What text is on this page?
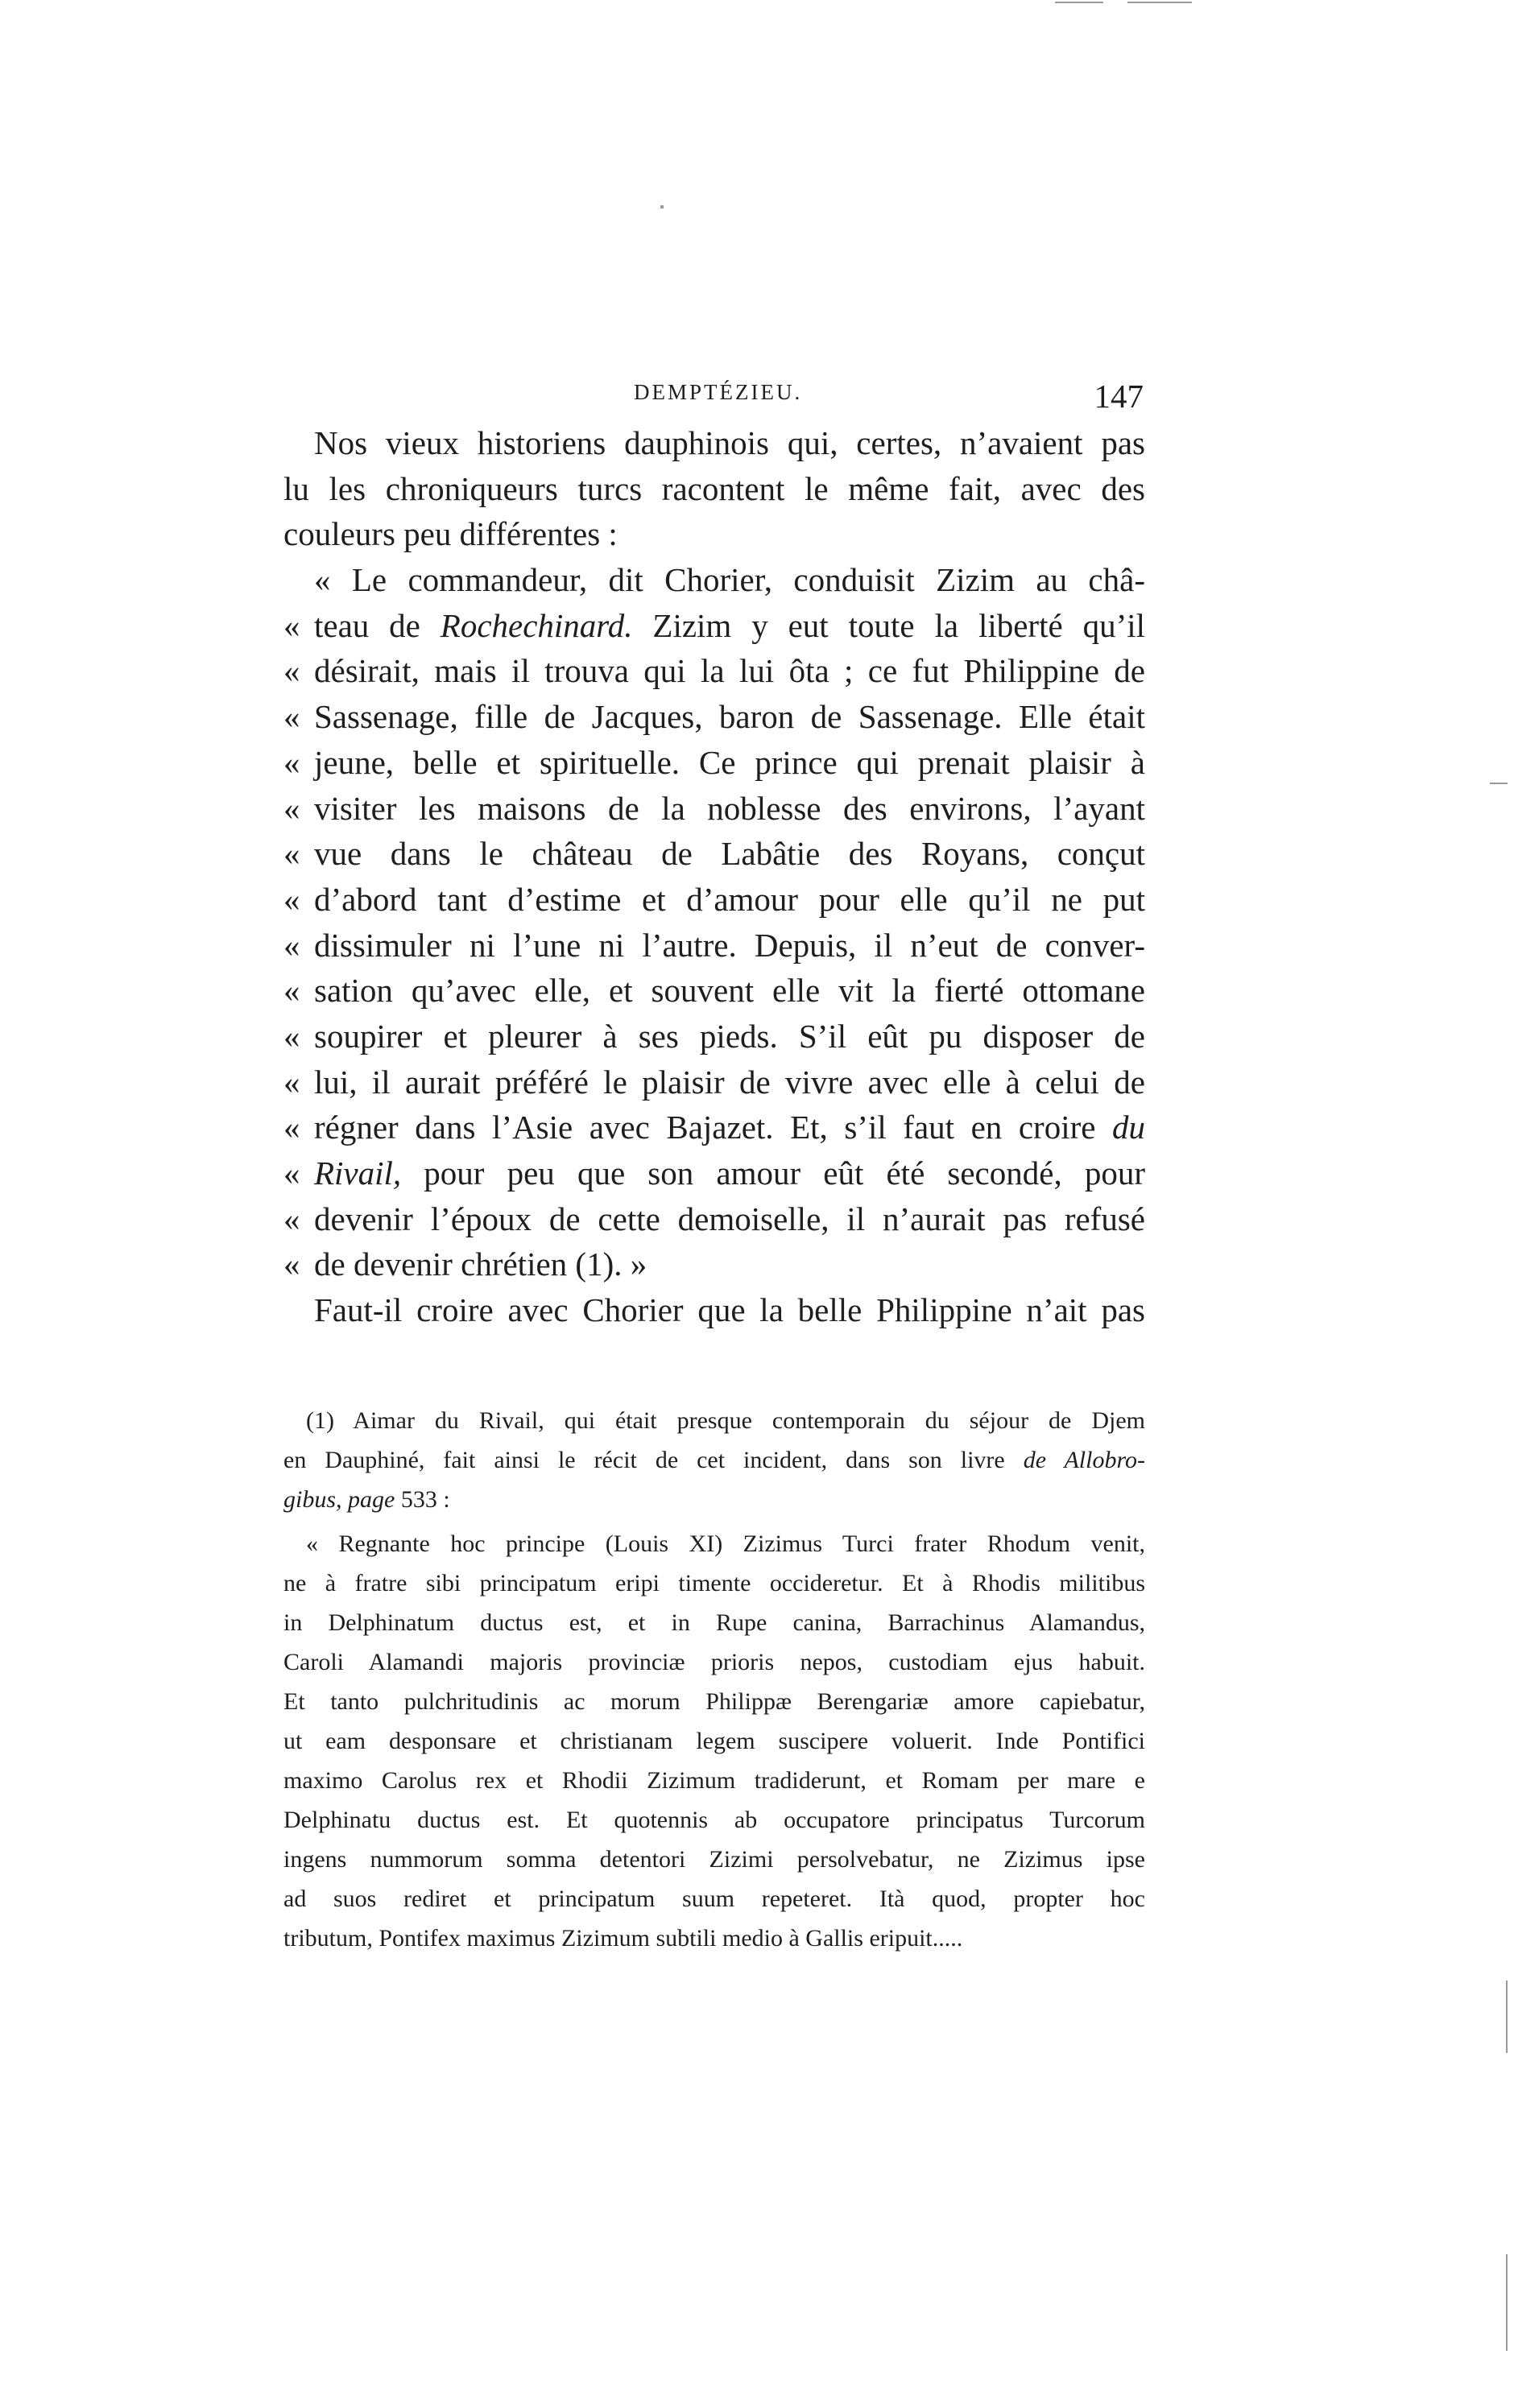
DEMPTÉZIEU.	147
Nos vieux historiens dauphinois qui, certes, n’avaient pas
lu les chroniqueurs turcs racontent le même fait, avec des
couleurs peu différentes :
« Le commandeur, dit Chorier, conduisit Zizim au châ-
« teau de Rochechinard. Zizim y eut toute la liberté qu’il
« désirait, mais il trouva qui la lui ôta ; ce fut Philippine de
« Sassenage, fille de Jacques, baron de Sassenage. Elle était
« jeune, belle et spirituelle. Ce prince qui prenait plaisir à
« visiter les maisons de la noblesse des environs, l’ayant
« vue dans le château de Labâtie des Royans, conçut
« d’abord tant d’estime et d’amour pour elle qu’il ne put
« dissimuler ni l’une ni l’autre. Depuis, il n’eut de conver-
« sation qu’avec elle, et souvent elle vit la fierté ottomane
« soupirer et pleurer à ses pieds. S’il eût pu disposer de
« lui, il aurait préféré le plaisir de vivre avec elle à celui de
« régner dans l’Asie avec Bajazet. Et, s’il faut en croire du
« Rivail, pour peu que son amour eût été secondé, pour
« devenir l’époux de cette demoiselle, il n’aurait pas refusé
« de devenir chrétien (1). »
Faut-il croire avec Chorier que la belle Philippine n’ait pas
(1) Aimar du Rivail, qui était presque contemporain du séjour de Djem
en Dauphiné, fait ainsi le récit de cet incident, dans son livre de Allobro-
gibus, page 533 :
« Regnante hoc principe (Louis XI) Zizimus Turci frater Rhodum venit,
ne à fratre sibi principatum eripi timente occideretur. Et à Rhodis militibus
in Delphinatum ductus est, et in Rupe canina, Barrachinus Alamandus,
Caroli Alamandi majoris provinciæ prioris nepos, custodiam ejus habuit.
Et tanto pulchritudinis ac morum Philippæ Berengariæ amore capiebatur,
ut eam desponsare et christianam legem suscipere voluerit. Inde Pontifici
maximo Carolus rex et Rhodii Zizimum tradiderunt, et Romam per mare e
Delphinatu ductus est. Et quotennis ab occupatore principatus Turcorum
ingens nummorum somma detentori Zizimi persolvebatur, ne Zizimus ipse
ad suos rediret et principatum suum repeteret. Ità quod, propter hoc
tributum, Pontifex maximus Zizimum subtili medio à Gallis eripuit.....
